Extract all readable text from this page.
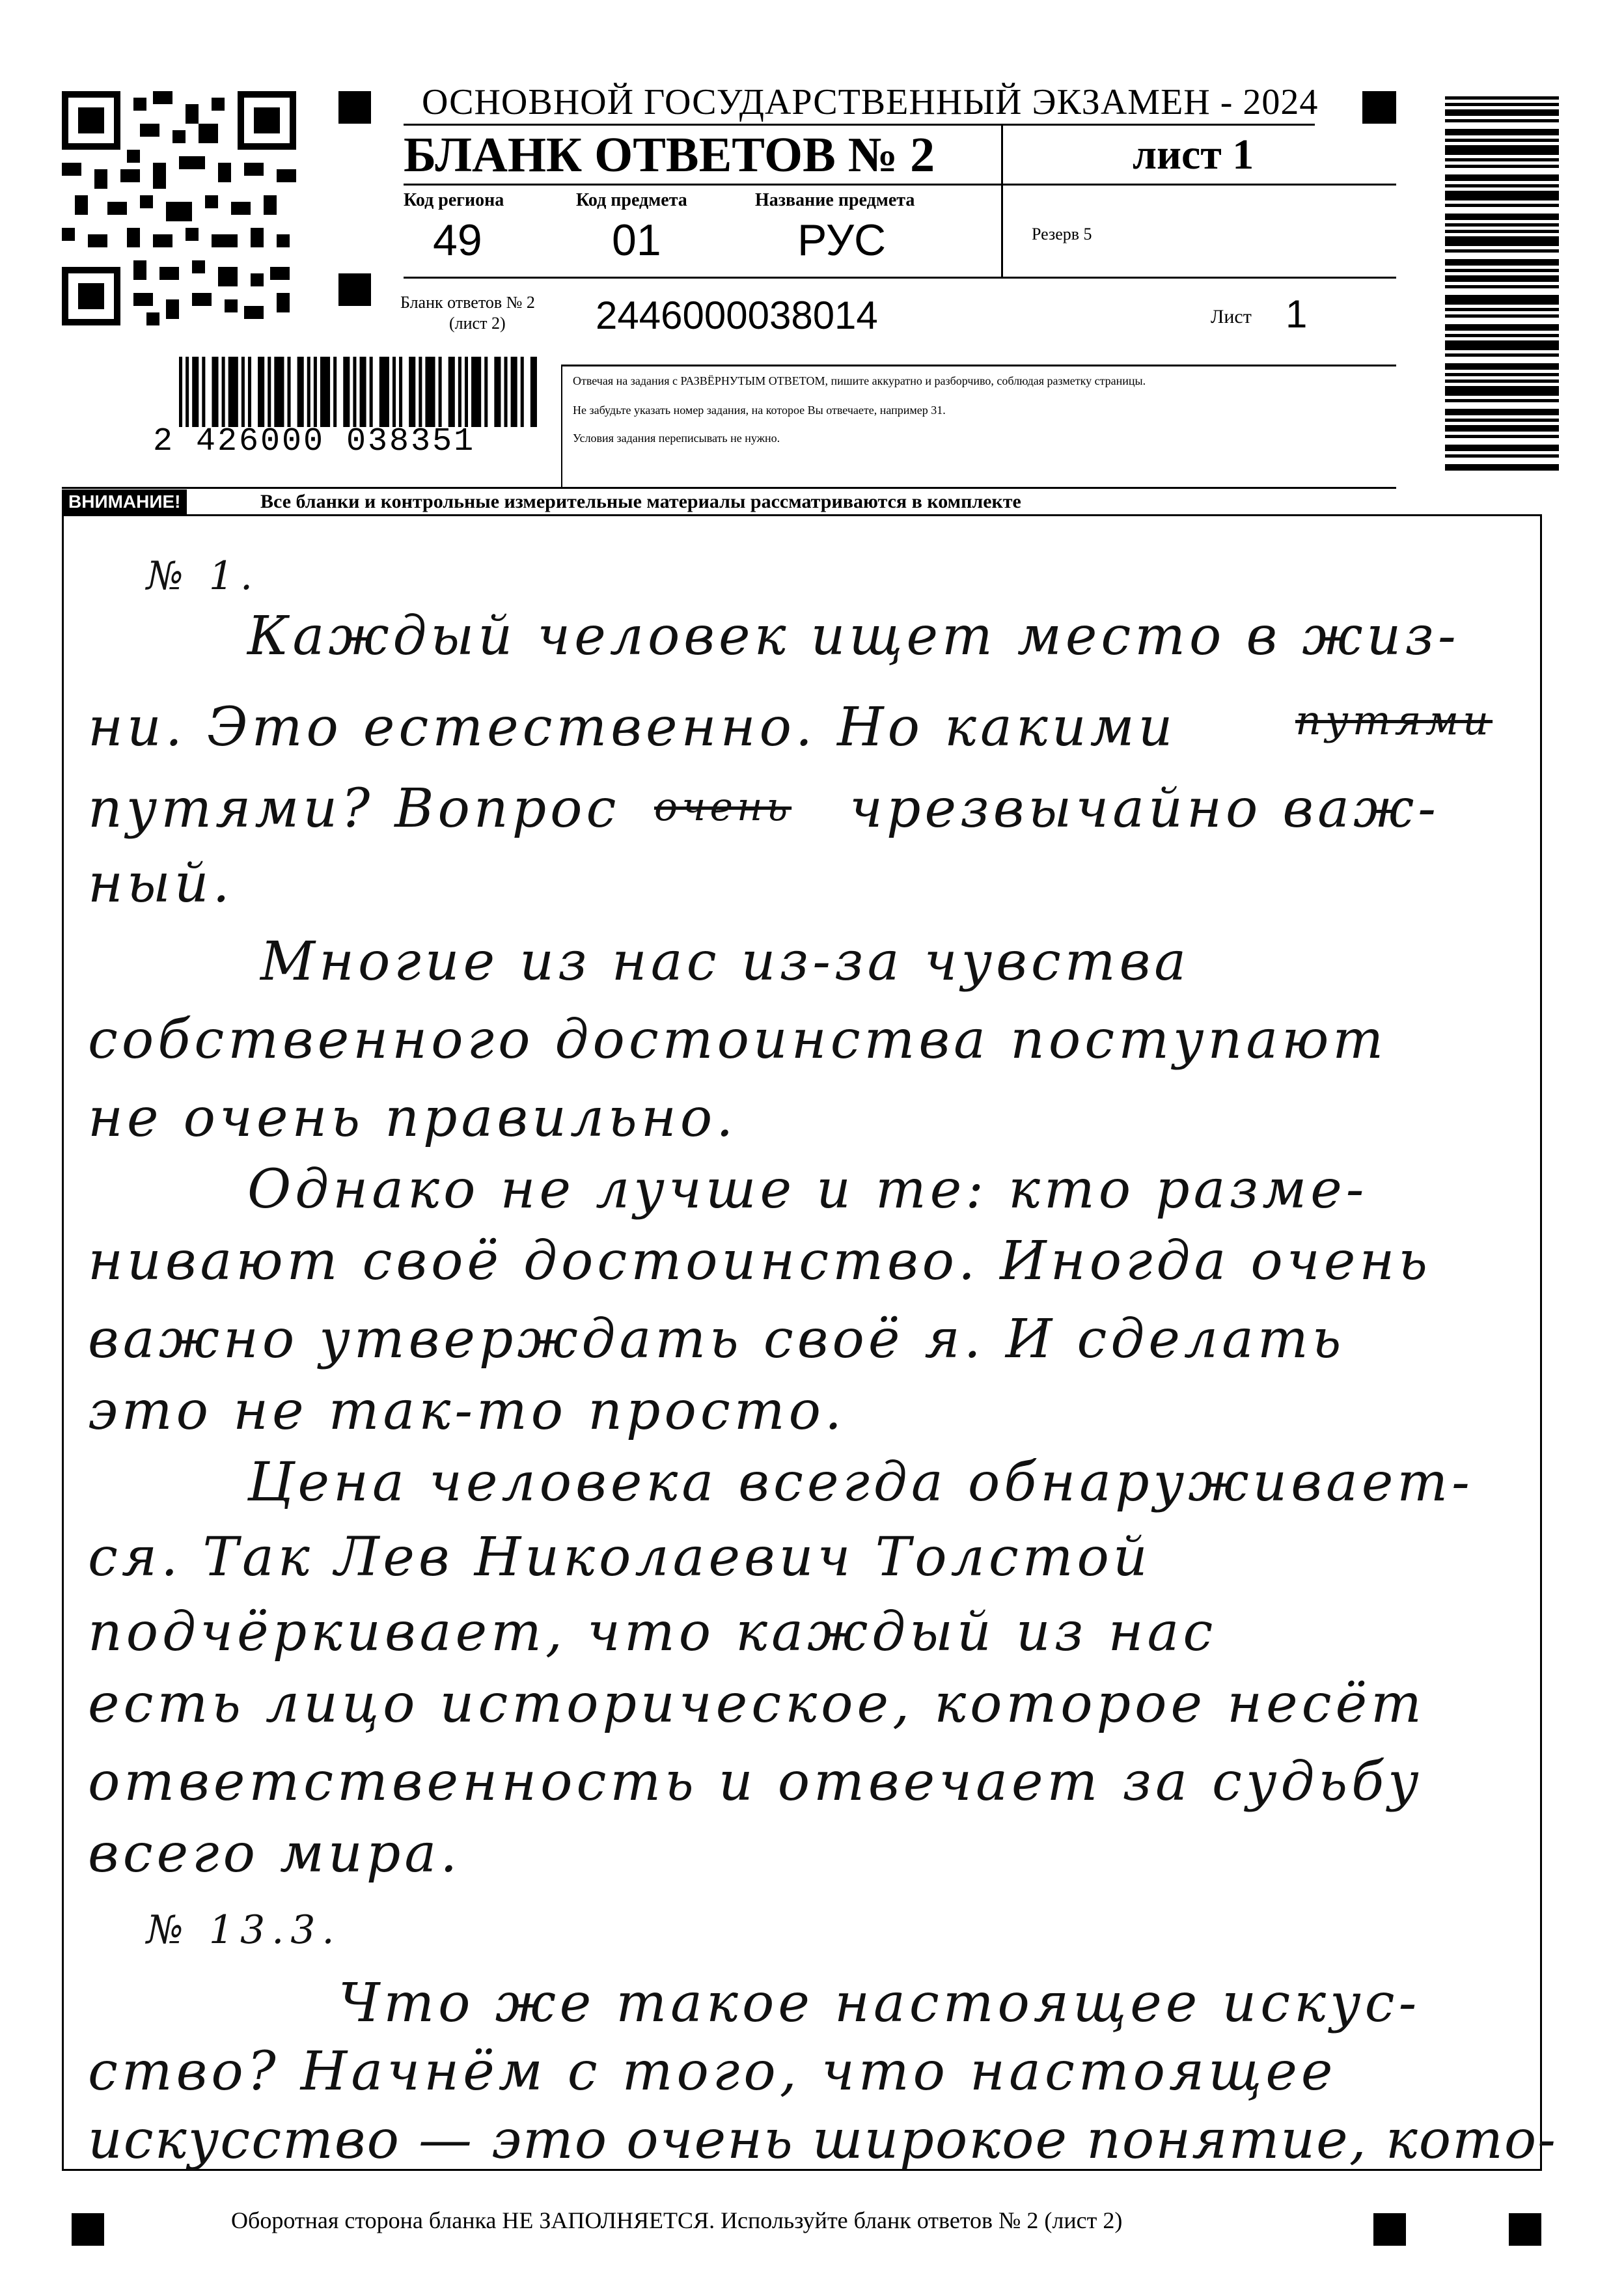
2 426000 038351
ОСНОВНОЙ ГОСУДАРСТВЕННЫЙ ЭКЗАМЕН - 2024
БЛАНК ОТВЕТОВ № 2	лист 1
Код региона
49
Код предмета
01
Название предмета
РУС	Резерв 5
Бланк ответов № 2
(лист 2) 2446000038014	Лист 1
Отвечая на задания с РАЗВЁРНУТЫМ ОТВЕТОМ, пишите аккуратно и разборчиво, соблюдая разметку страницы.
Не забудьте указать номер задания, на которое Вы отвечаете, например 31.
Условия задания переписывать не нужно.
ВНИМАНИЕ!	Все бланки и контрольные измерительные материалы рассматриваются в комплекте
№ 1.
Каждый человек ищет место в жиз-
ни. Это естественно. Но какими	путями
путями? Вопрос очень чрезвычайно важ-
ный.
Многие из нас из-за чувства
собственного достоинства поступают
не очень правильно.
Однако не лучше и те: кто разме-
нивают своё достоинство. Иногда очень
важно утверждать своё я. И сделать
это не так-то просто.
Цена человека всегда обнаруживает-
ся. Так Лев Николаевич Толстой
подчёркивает, что каждый из нас
есть лицо историческое, которое несёт
ответственность и отвечает за судьбу
всего мира.
№ 13.3.
Что же такое настоящее искус-
ство? Начнём с того, что настоящее
искусство — это очень широкое понятие, кото-
Оборотная сторона бланка НЕ ЗАПОЛНЯЕТСЯ. Используйте бланк ответов № 2 (лист 2)
